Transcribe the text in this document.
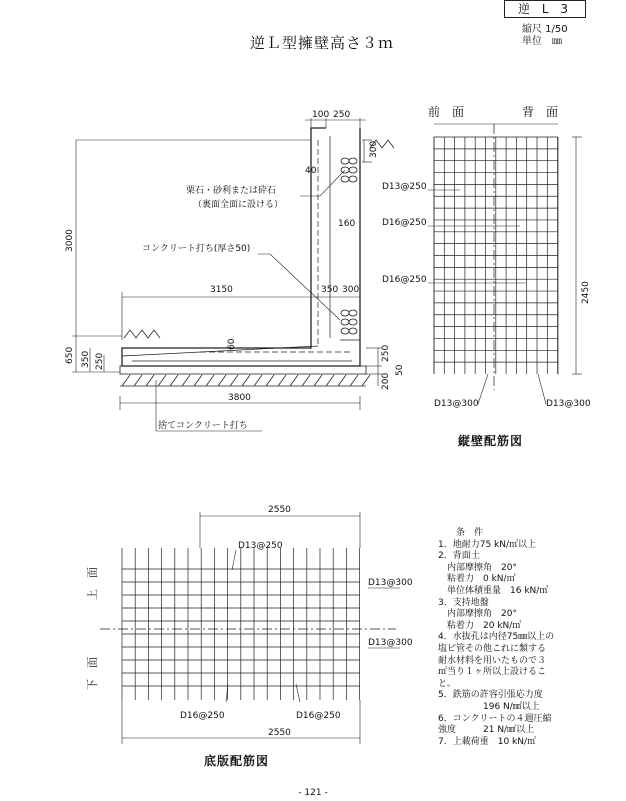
逆 L 3
逆Ｌ型擁壁高さ３ｍ
縮尺 1/50
単位　㎜
100 250
300
40
160
3000
3150	350 300
60
650 350 250	250
200
50
3800
栗石・砂利または砕石
（裏面全面に設ける）
コンクリート打ち(厚さ50)
捨てコンクリート打ち
前　面	背　面
D13@250
D16@250
D16@250
D13@300	D13@300
2450
2550
2550
D13@250
D13@300
D13@300
D16@250	D16@250
上　面
下　面
縦壁配筋図
底版配筋図
　　条　件
1．地耐力75 kN/㎡以上
2．背面土
　内部摩擦角　20°
　粘着力　0 kN/㎡
　単位体積重量　16 kN/㎥
3．支持地盤
　内部摩擦角　20°
　粘着力　20 kN/㎡
4．水抜孔は内径75㎜以上の
塩ビ管その他これに類する
耐水材料を用いたもので３
㎡当り１ヶ所以上設けるこ
と。
5．鉄筋の許容引張応力度
　　　　　196 N/㎟以上
6．コンクリートの４週圧縮
強度　　　21 N/㎟以上
7．上載荷重　10 kN/㎡
- 121 -
